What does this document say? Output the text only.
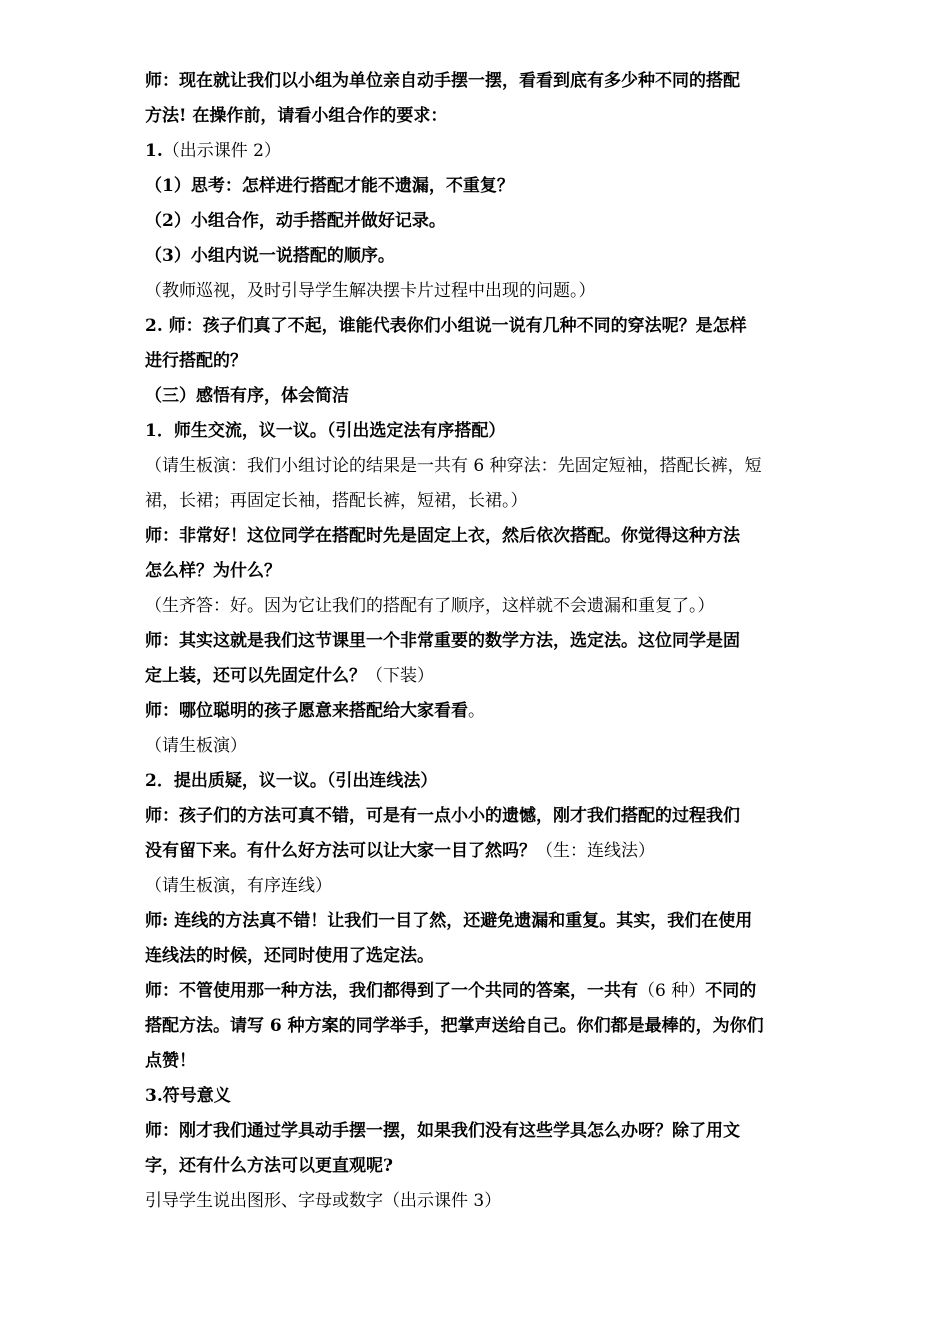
师：现在就让我们以小组为单位亲自动手摆一摆，看看到底有多少种不同的搭配
方法! 在操作前，请看小组合作的要求：
1.（出示课件 2）
（1）思考：怎样进行搭配才能不遗漏，不重复？
（2）小组合作，动手搭配并做好记录。
（3）小组内说一说搭配的顺序。
（教师巡视，及时引导学生解决摆卡片过程中出现的问题。）
2. 师：孩子们真了不起，谁能代表你们小组说一说有几种不同的穿法呢？是怎样
进行搭配的？
（三）感悟有序，体会简洁
1．师生交流，议一议。（引出选定法有序搭配）
（请生板演：我们小组讨论的结果是一共有 6 种穿法：先固定短袖，搭配长裤，短
裙，长裙；再固定长袖，搭配长裤，短裙，长裙。）
师：非常好！这位同学在搭配时先是固定上衣，然后依次搭配。你觉得这种方法
怎么样？为什么？
（生齐答：好。因为它让我们的搭配有了顺序，这样就不会遗漏和重复了。）
师：其实这就是我们这节课里一个非常重要的数学方法，选定法。这位同学是固
定上装，还可以先固定什么？（下装）
师：哪位聪明的孩子愿意来搭配给大家看看。
（请生板演）
2．提出质疑，议一议。（引出连线法）
师：孩子们的方法可真不错，可是有一点小小的遗憾，刚才我们搭配的过程我们
没有留下来。有什么好方法可以让大家一目了然吗？（生：连线法）
（请生板演，有序连线）
师: 连线的方法真不错！让我们一目了然，还避免遗漏和重复。其实，我们在使用
连线法的时候，还同时使用了选定法。
师：不管使用那一种方法，我们都得到了一个共同的答案，一共有（6 种）不同的
搭配方法。请写 6 种方案的同学举手，把掌声送给自己。你们都是最棒的，为你们
点赞！
3.符号意义
师：刚才我们通过学具动手摆一摆，如果我们没有这些学具怎么办呀？除了用文
字，还有什么方法可以更直观呢?
引导学生说出图形、字母或数字（出示课件 3）
